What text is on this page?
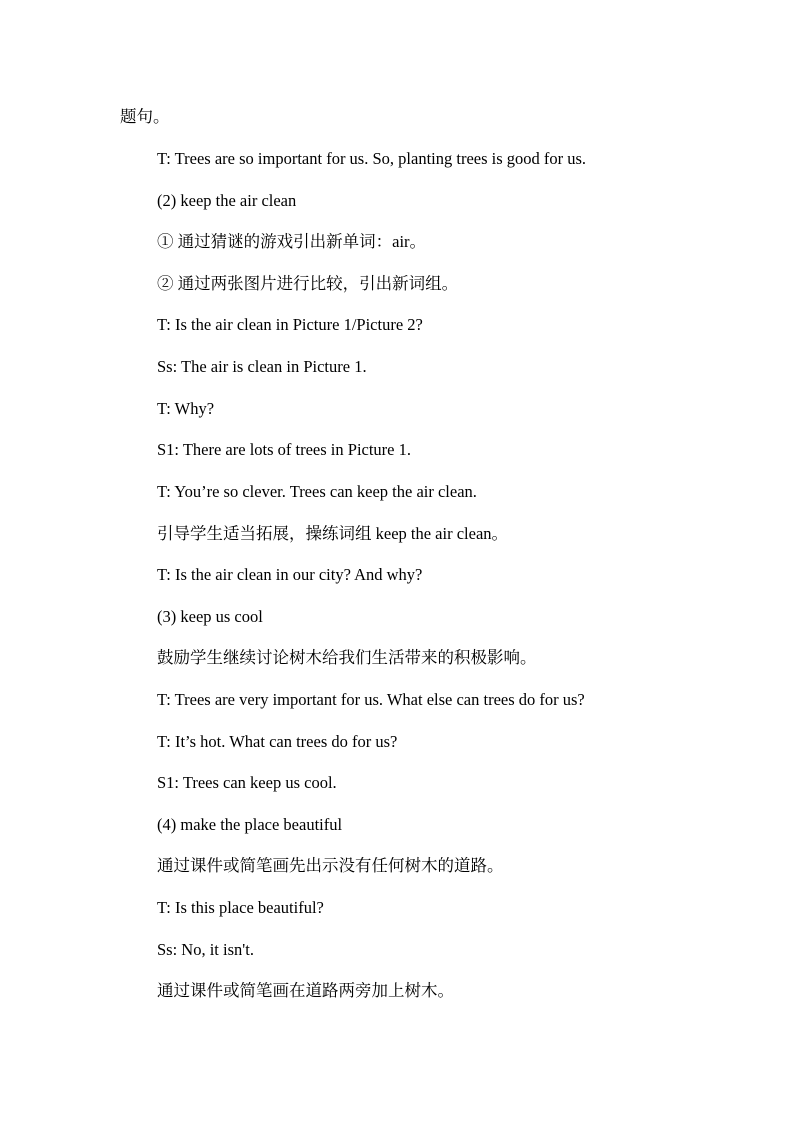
题句。
T: Trees are so important for us. So, planting trees is good for us.
(2) keep the air clean
① 通过猜谜的游戏引出新单词：air。
② 通过两张图片进行比较，引出新词组。
T: Is the air clean in Picture 1/Picture 2?
Ss: The air is clean in Picture 1.
T: Why?
S1: There are lots of trees in Picture 1.
T: You’re so clever. Trees can keep the air clean.
引导学生适当拓展，操练词组 keep the air clean。
T: Is the air clean in our city? And why?
(3) keep us cool
鼓励学生继续讨论树木给我们生活带来的积极影响。
T: Trees are very important for us. What else can trees do for us?
T: It’s hot. What can trees do for us?
S1: Trees can keep us cool.
(4) make the place beautiful
通过课件或简笔画先出示没有任何树木的道路。
T: Is this place beautiful?
Ss: No, it isn't.
通过课件或简笔画在道路两旁加上树木。
